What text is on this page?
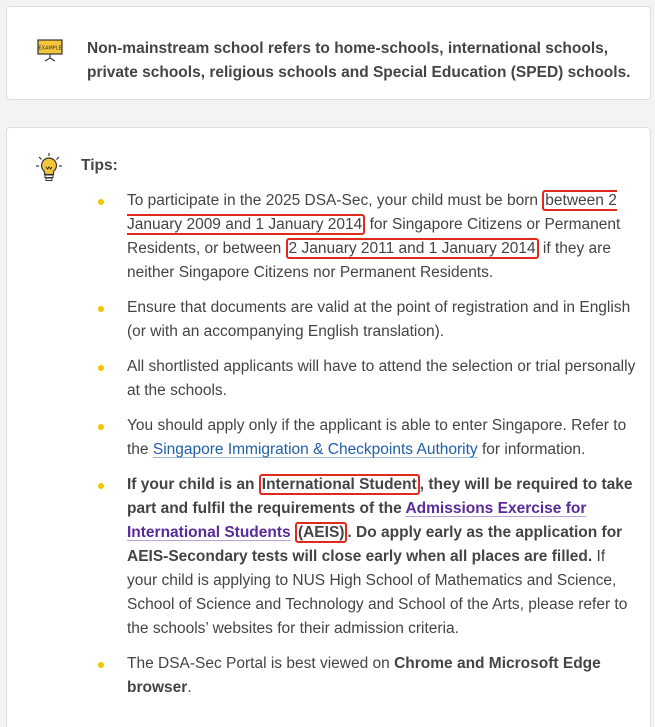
EXAMPLE Non-mainstream school refers to home-schools, international schools, private schools, religious schools and Special Education (SPED) schools.

Tips:
To participate in the 2025 DSA-Sec, your child must be born between 2 January 2009 and 1 January 2014 for Singapore Citizens or Permanent Residents, or between 2 January 2011 and 1 January 2014 if they are neither Singapore Citizens nor Permanent Residents.
Ensure that documents are valid at the point of registration and in English (or with an accompanying English translation).
All shortlisted applicants will have to attend the selection or trial personally at the schools.
You should apply only if the applicant is able to enter Singapore. Refer to the Singapore Immigration & Checkpoints Authority for information.
If your child is an International Student , they will be required to take part and fulfil the requirements of the Admissions Exercise for International Students (AEIS) . Do apply early as the application for AEIS-Secondary tests will close early when all places are filled. If your child is applying to NUS High School of Mathematics and Science, School of Science and Technology and School of the Arts, please refer to the schools’ websites for their admission criteria.
The DSA-Sec Portal is best viewed on Chrome and Microsoft Edge browser.
